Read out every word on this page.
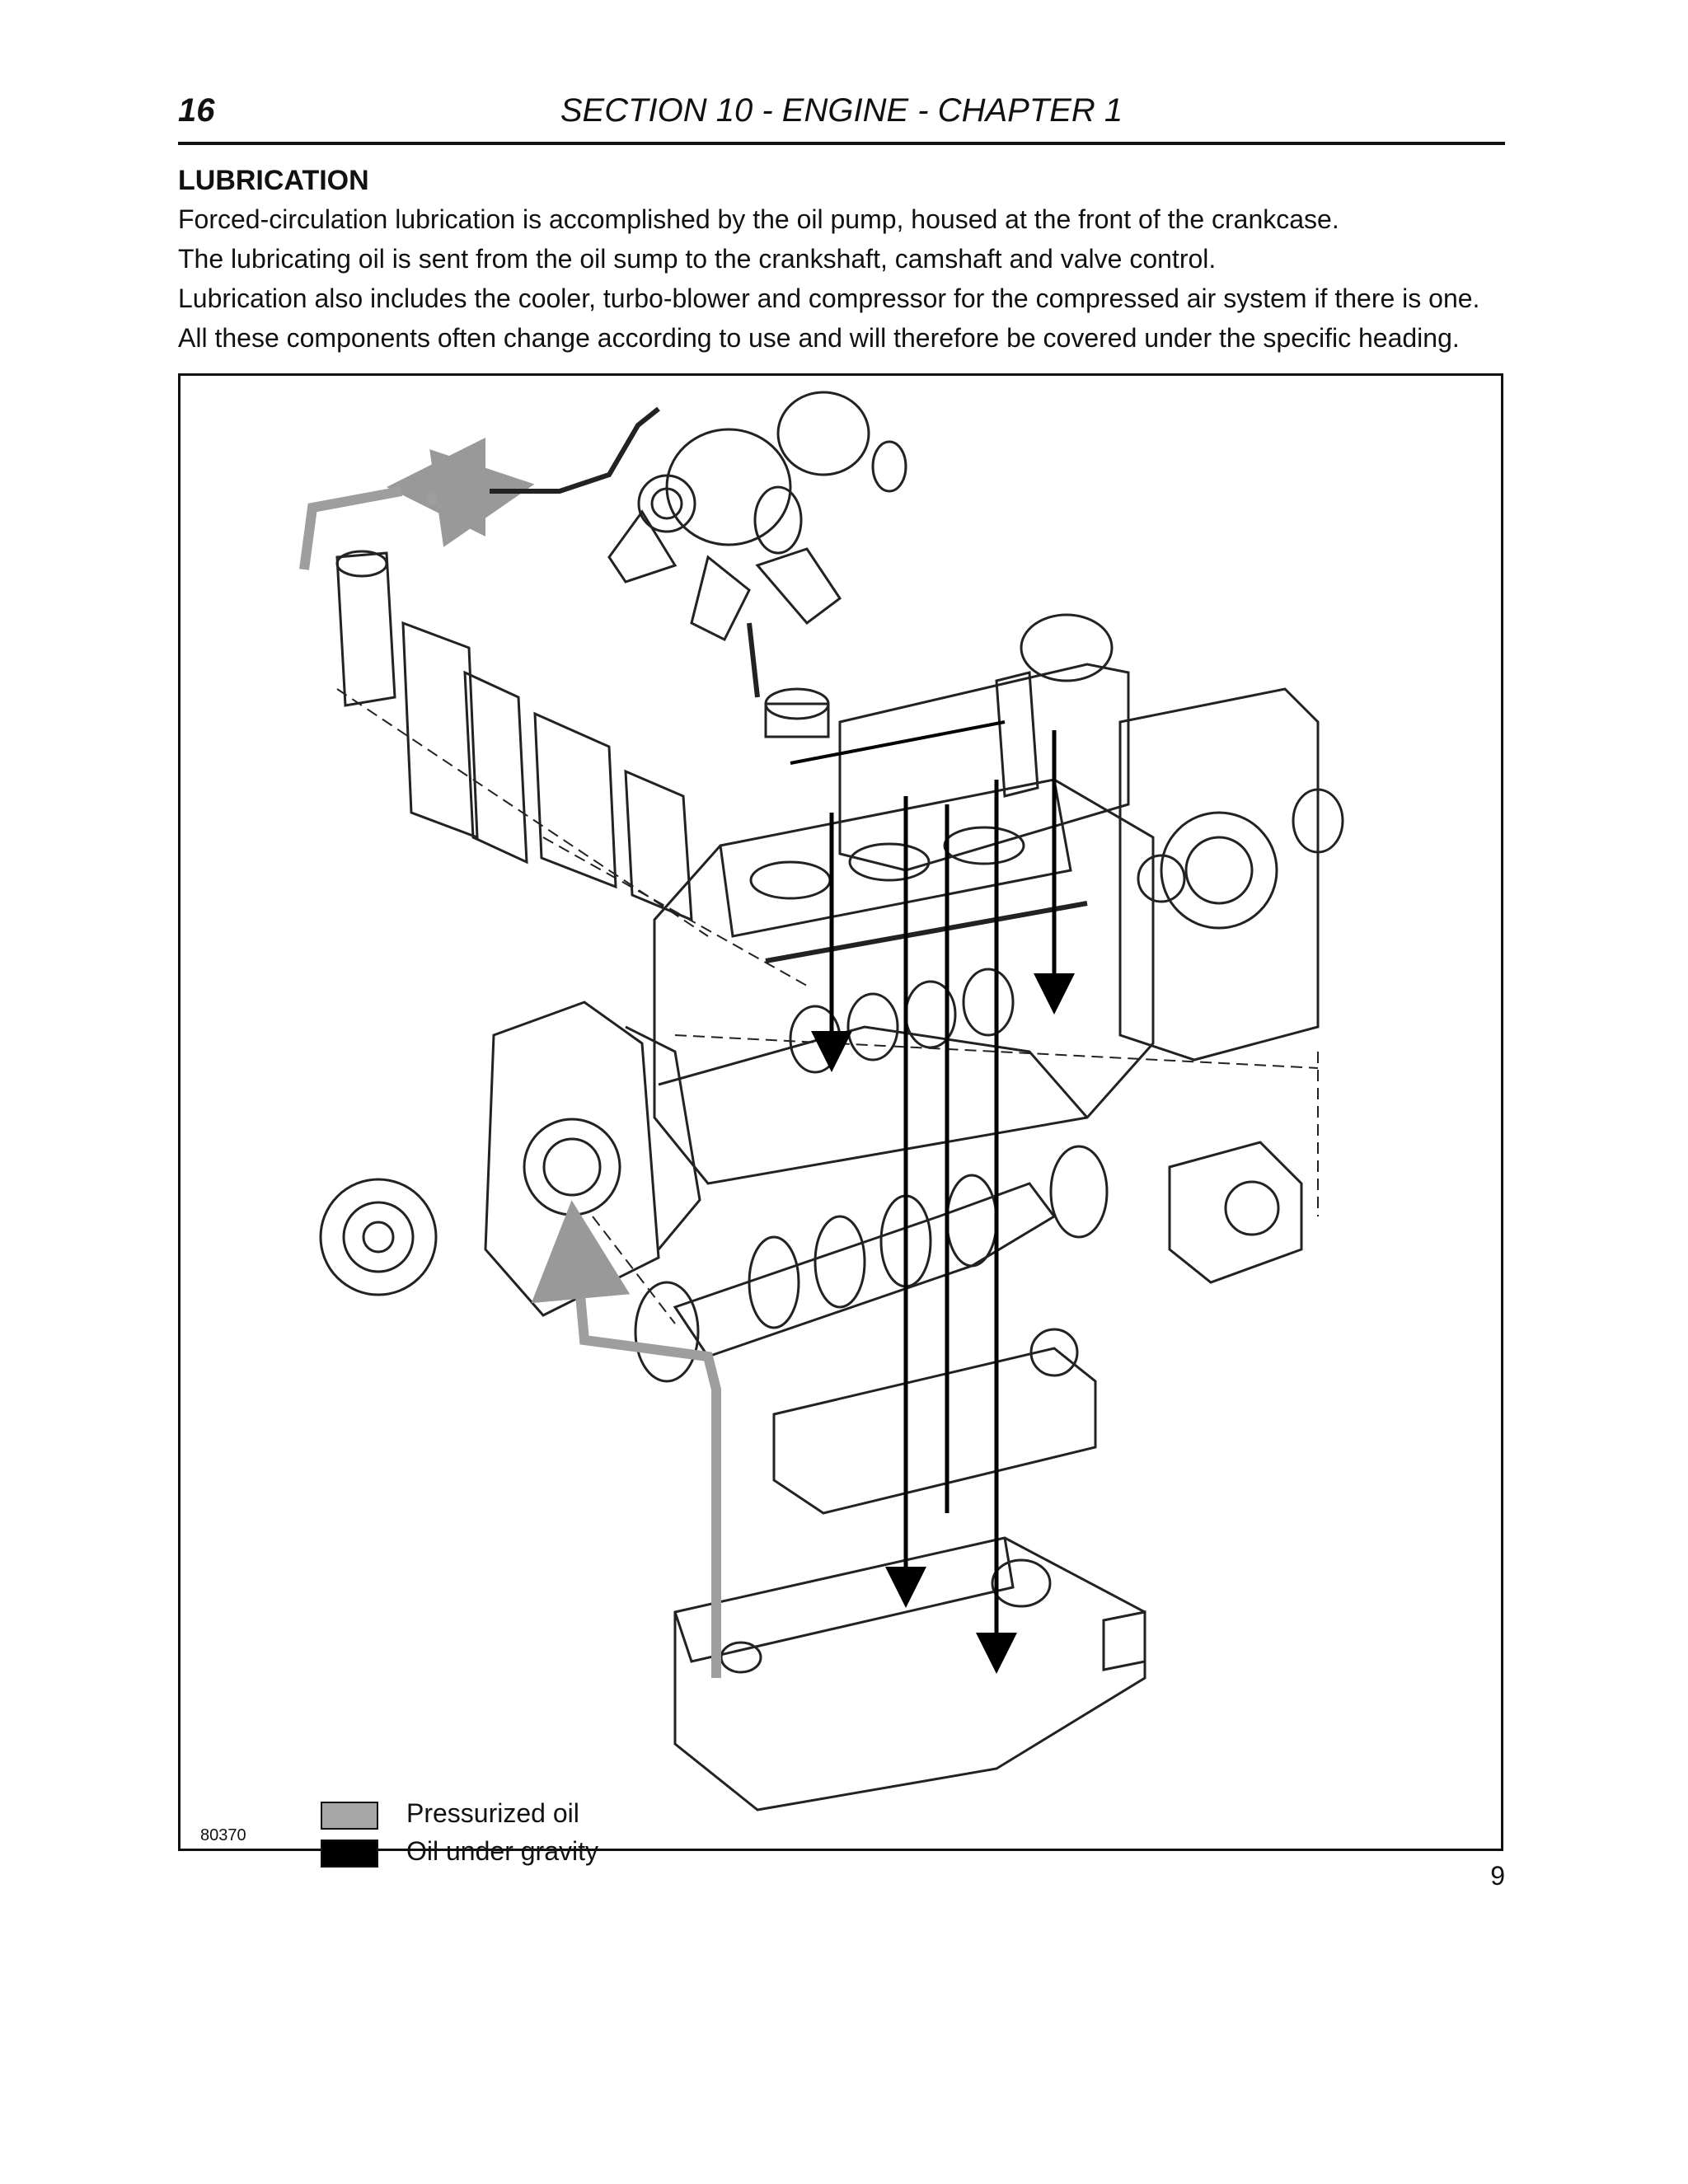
16	SECTION 10 - ENGINE - CHAPTER 1
LUBRICATION
Forced-circulation lubrication is accomplished by the oil pump, housed at the front of the crankcase.
The lubricating oil is sent from the oil sump to the crankshaft, camshaft and valve control.
Lubrication also includes the cooler, turbo-blower and compressor for the compressed air system if there is one.
All these components often change according to use and will therefore be covered under the specific heading.
Pressurized oil
Oil under gravity
80370
9
